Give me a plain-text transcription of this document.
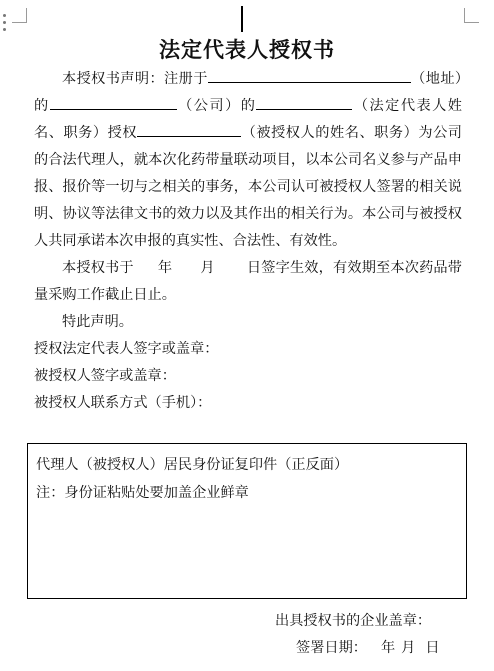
法定代表人授权书

本授权书声明：注册于	（地址）的	（公司）的	（法定代表人姓名、职务）授权	（被授权人的姓名、职务）为公司的合法代理人，就本次化药带量联动项目，以本公司名义参与产品申报、报价等一切与之相关的事务，本公司认可被授权人签署的相关说明、协议等法律文书的效力以及其作出的相关行为。本公司与被授权人共同承诺本次申报的真实性、合法性、有效性。

本授权书于 年 月 日签字生效，有效期至本次药品带量采购工作截止日止。

特此声明。

授权法定代表人签字或盖章：

被授权人签字或盖章：

被授权人联系方式（手机）：

代理人（被授权人）居民身份证复印件（正反面）
注：身份证粘贴处要加盖企业鲜章
出具授权书的企业盖章：
签署日期： 年 月 日
